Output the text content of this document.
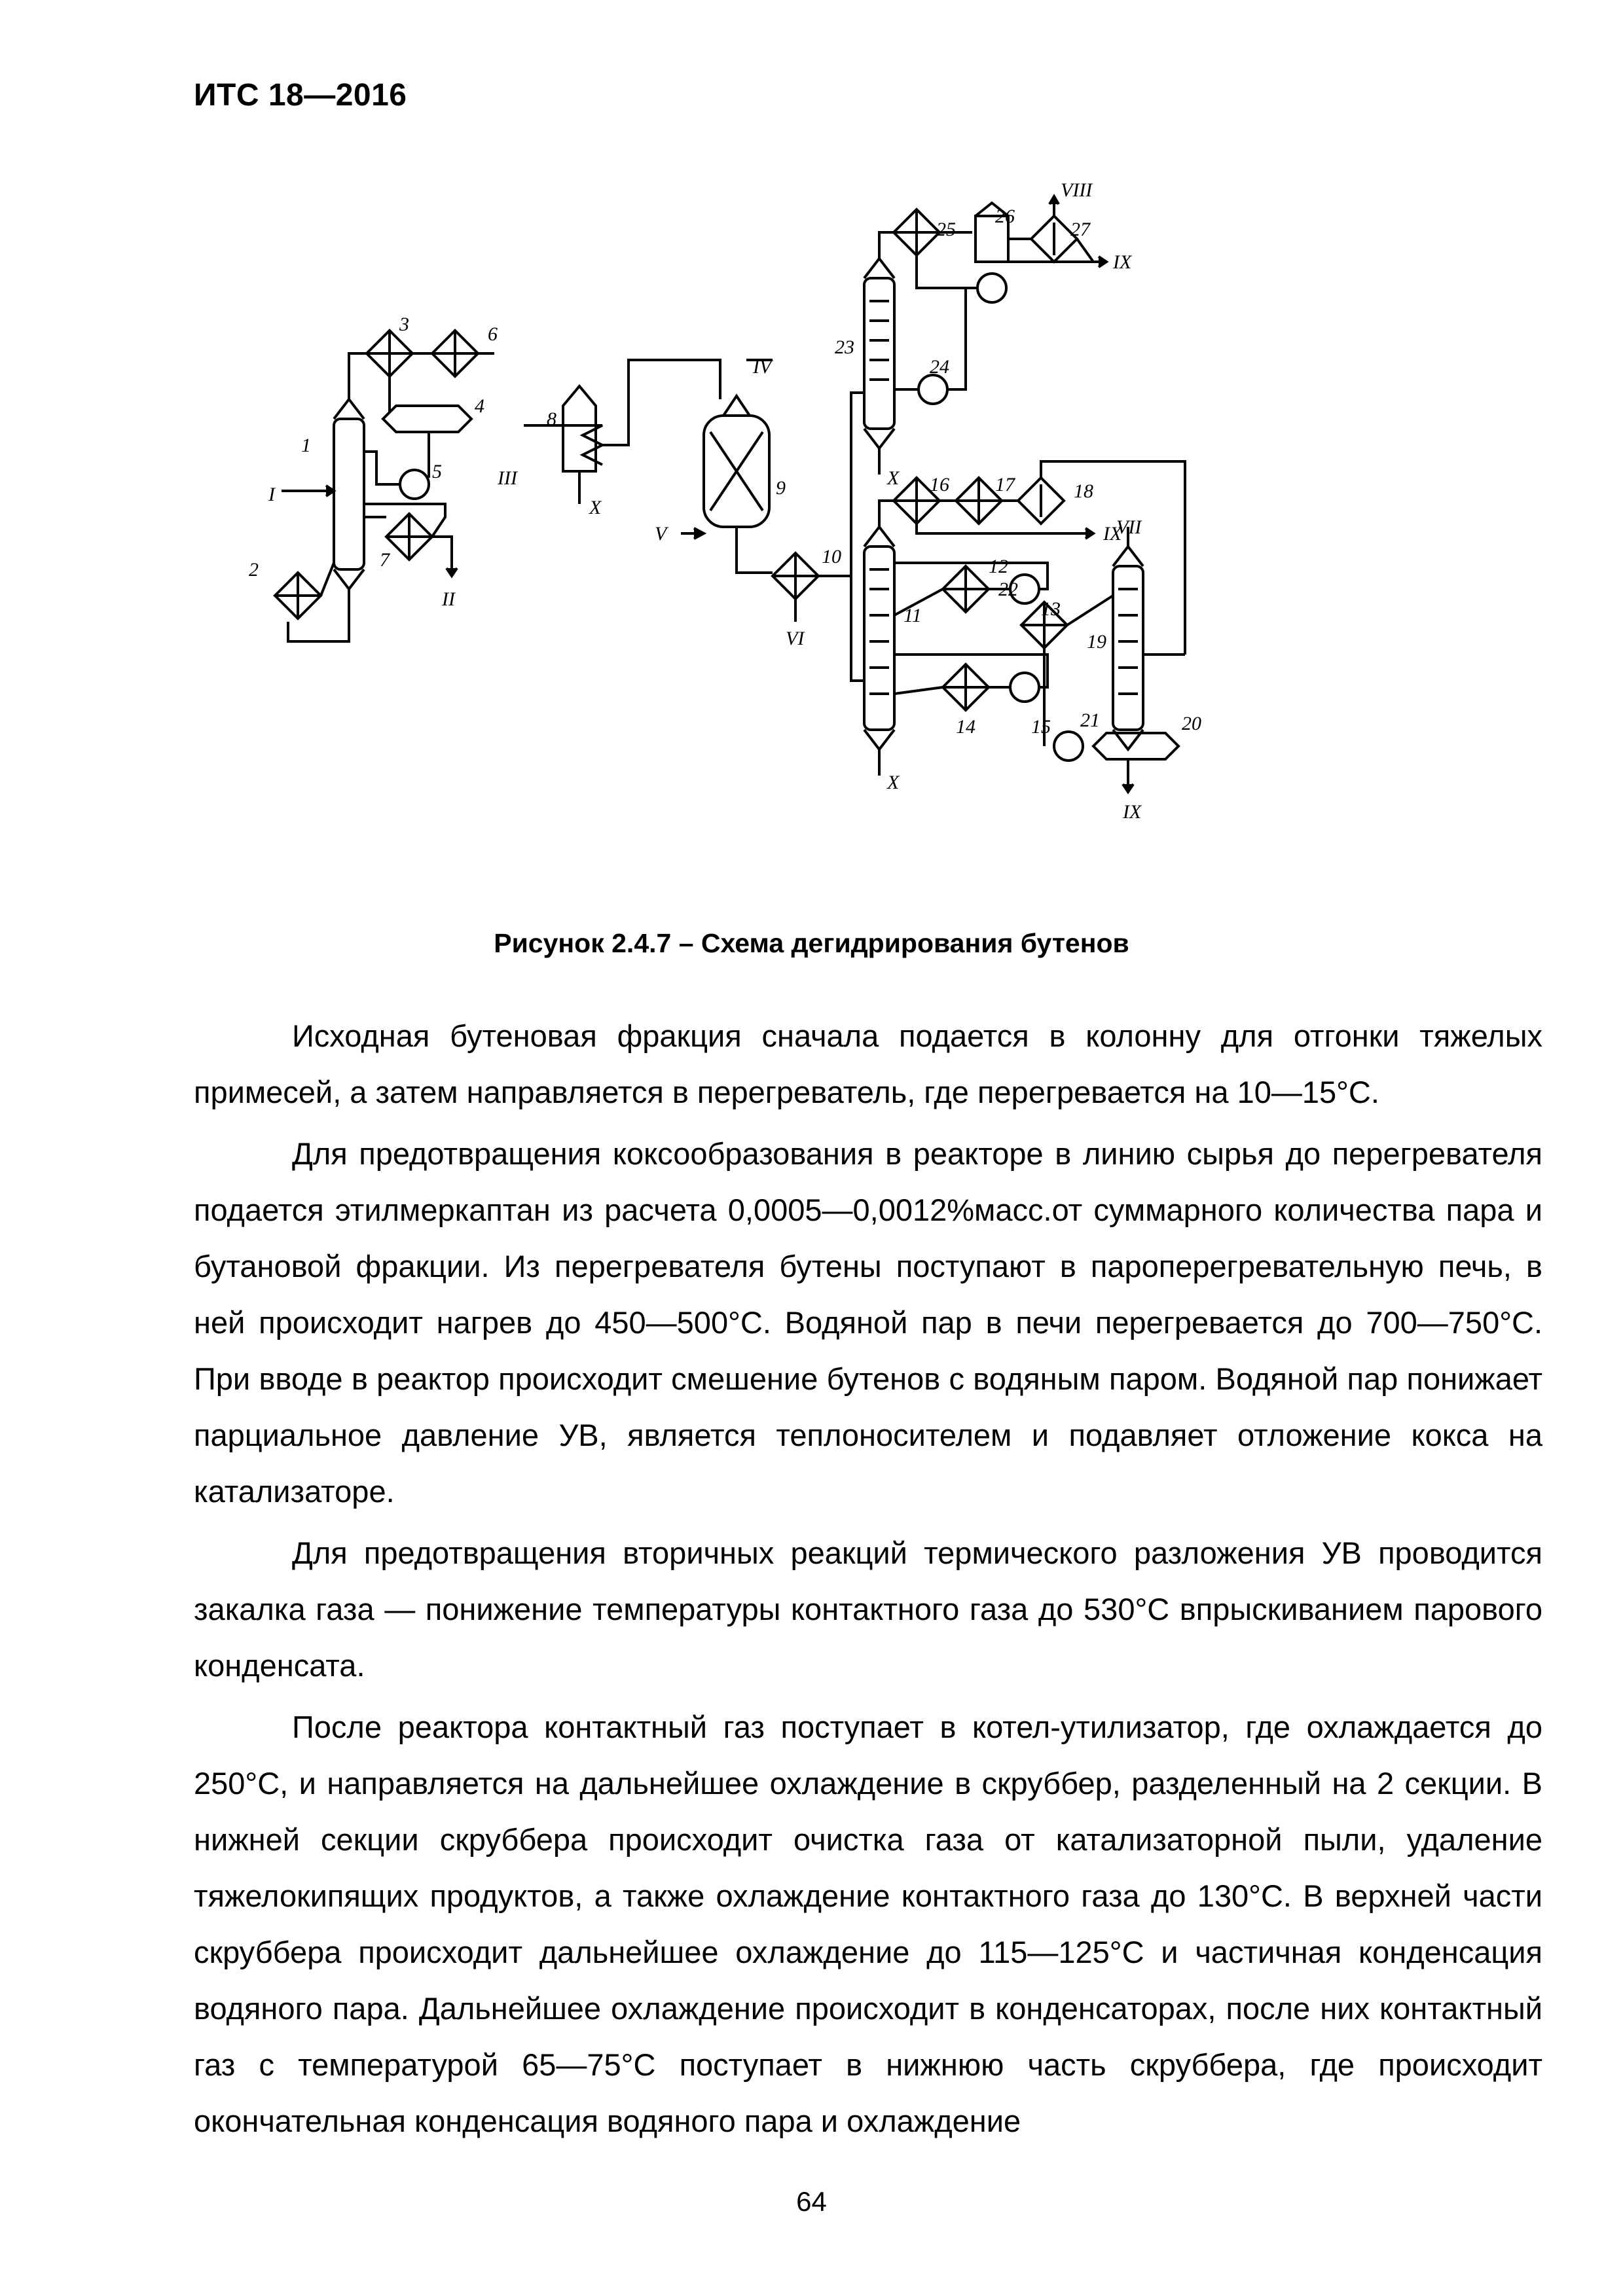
ИТС 18—2016
1
2
3
4
5
6
7
8
9
10
11
12
13
14	15
16 17	18
19
20
21
22
23
24
25
26
27
I
II
III
IV
V
VI
VII
VIII
IX
IX
IX
X
X
X
Рисунок 2.4.7 – Схема дегидрирования бутенов

Исходная бутеновая фракция сначала подается в колонну для отгонки тяжелых примесей, а затем направляется в перегреватель, где перегревается на 10—15°С.

Для предотвращения коксообразования в реакторе в линию сырья до перегревателя подается этилмеркаптан из расчета 0,0005—0,0012%масс.от суммарного количества пара и бутановой фракции. Из перегревателя бутены поступают в пароперегревательную печь, в ней происходит нагрев до 450—500°С. Водяной пар в печи перегревается до 700—750°С. При вводе в реактор происходит смешение бутенов с водяным паром. Водяной пар понижает парциальное давление УВ, является теплоносителем и подавляет отложение кокса на катализаторе.

Для предотвращения вторичных реакций термического разложения УВ проводится закалка газа — понижение температуры контактного газа до 530°С впрыскиванием парового конденсата.

После реактора контактный газ поступает в котел-утилизатор, где охлаждается до 250°С, и направляется на дальнейшее охлаждение в скруббер, разделенный на 2 секции. В нижней секции скруббера происходит очистка газа от катализаторной пыли, удаление тяжелокипящих продуктов, а также охлаждение контактного газа до 130°С. В верхней части скруббера происходит дальнейшее охлаждение до 115—125°С и частичная конденсация водяного пара. Дальнейшее охлаждение происходит в конденсаторах, после них контактный газ с температурой 65—75°С поступает в нижнюю часть скруббера, где происходит окончательная конденсация водяного пара и охлаждение

64
